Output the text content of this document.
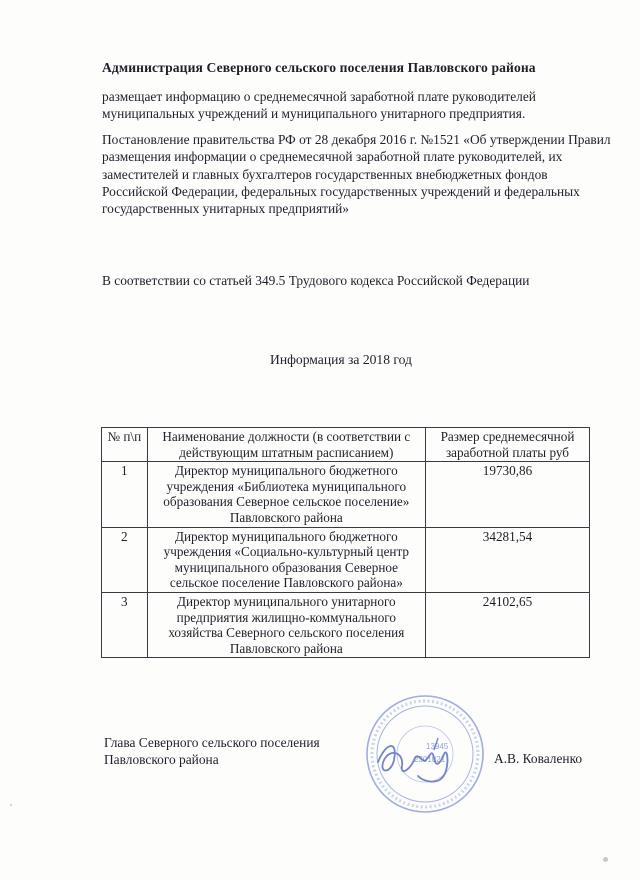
Администрация Северного сельского поселения Павловского района
размещает информацию о среднемесячной заработной плате руководителей муниципальных учреждений и муниципального унитарного предприятия.
Постановление правительства РФ от 28 декабря 2016 г. №1521 «Об утверждении Правил размещения информации о среднемесячной заработной плате руководителей, их заместителей и главных бухгалтеров государственных внебюджетных фондов Российской Федерации, федеральных государственных учреждений и федеральных государственных унитарных предприятий»
В соответствии со статьей 349.5 Трудового кодекса Российской Федерации
Информация за 2018 год
№ п\п	Наименование должности (в соответствии с действующим штатным расписанием)	Размер среднемесячной заработной платы руб
1	Директор муниципального бюджетного учреждения «Библиотека муниципального образования Северное сельское поселение» Павловского района	19730,86
2	Директор муниципального бюджетного учреждения «Социально-культурный центр муниципального образования Северное сельское поселение Павловского района»	34281,54
3	Директор муниципального унитарного предприятия жилищно-коммунального хозяйства Северного сельского поселения Павловского района	24102,65
Глава Северного сельского поселения
Павловского района	А.В. Коваленко
13945
2301021
